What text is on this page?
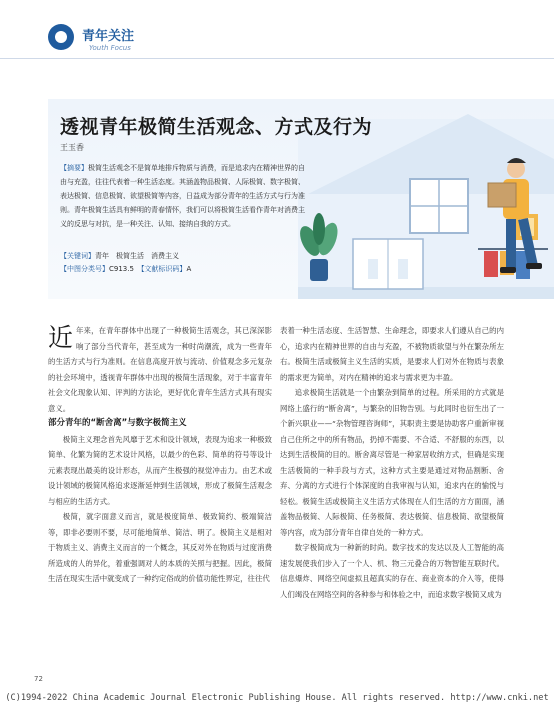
青年关注
Youth Focus
透视青年极简生活观念、方式及行为
王玉香
【摘要】极简生活观念不是简单地排斥物质与消费，而是追求内在精神世界的自由与充盈，往往代表着一种生活态度。其涵盖物品极简、人际极简、数字极简、表达极简、信息极简、欲望极简等内容，日益成为部分青年的生活方式与行为准则。青年极简生活具有鲜明的青春情怀，我们可以将极简生活看作青年对消费主义的反思与对抗，是一种关注、认知、接纳自我的方式。
【关键词】青年　极简生活　消费主义
【中图分类号】C913.5　 【文献标识码】A

近年来，在青年群体中出现了一种极简生活观念，其已深深影响了部分当代青年，甚至成为一种时尚潮流，成为一些青年的生活方式与行为准则。在信息高度开放与流动、价值观念多元复杂的社会环境中，透视青年群体中出现的极简生活现象，对于丰富青年社会文化现象认知、评判的方法论，更好优化青年生活方式具有现实意义。

部分青年的“断舍离”与数字极简主义

极简主义理念首先风靡于艺术和设计领域，表现为追求一种极致简单、化繁为简的艺术设计风格，以最少的色彩、简单的符号等设计元素表现出最美的设计形态，从而产生极强的视觉冲击力。由艺术或设计领域的极简风格追求逐渐延伸到生活领域，形成了极简生活观念与相应的生活方式。

极简，就字面意义而言，就是极度简单、极致简约、极端简洁等，即非必要则不要，尽可能地简单、简洁、明了。极简主义是相对于物质主义、消费主义而言的一个概念，其反对外在物质与过度消费所造成的人的异化，着重强调对人的本质的关照与把握。因此，极简生活在现实生活中就变成了一种约定俗成的价值功能性界定，往往代

表着一种生活态度、生活智慧、生命理念，即要求人们遵从自己的内心，追求内在精神世界的自由与充盈，不被物质欲望与外在繁杂所左右。极简生活或极简主义生活的实质，是要求人们对外在物质与表象的需求更为简单，对内在精神的追求与需求更为丰盈。

追求极简生活就是一个由繁杂到简单的过程。所采用的方式就是网络上盛行的“断舍离”，与繁杂的旧物告别。与此同时也衍生出了一个新兴职业——“杂物管理咨询师”，其职责主要是协助客户重新审视自己住所之中的所有物品，扔掉不需要、不合适、不舒服的东西，以达到生活极简的目的。断舍离尽管是一种家居收纳方式，但确是实现生活极简的一种手段与方式，这种方式主要是通过对物品割断、舍弃、分离的方式进行个体深度的自我审视与认知，追求内在的愉悦与轻松。极简生活或极简主义生活方式体现在人们生活的方方面面，涵盖物品极简、人际极简、任务极简、表达极简、信息极简、欲望极简等内容，成为部分青年自律自处的一种方式。

数字极简成为一种新的时尚。数字技术的发达以及人工智能的高速发展使我们步入了一个人、机、物三元叠合的万物智能互联时代。信息爆炸、网络空间虚拟且超真实的存在、商业资本的介入等，使得人们竭没在网络空间的各种参与和体验之中，而追求数字极简又成为

72
(C)1994-2022 China Academic Journal Electronic Publishing House. All rights reserved. http://www.cnki.net
